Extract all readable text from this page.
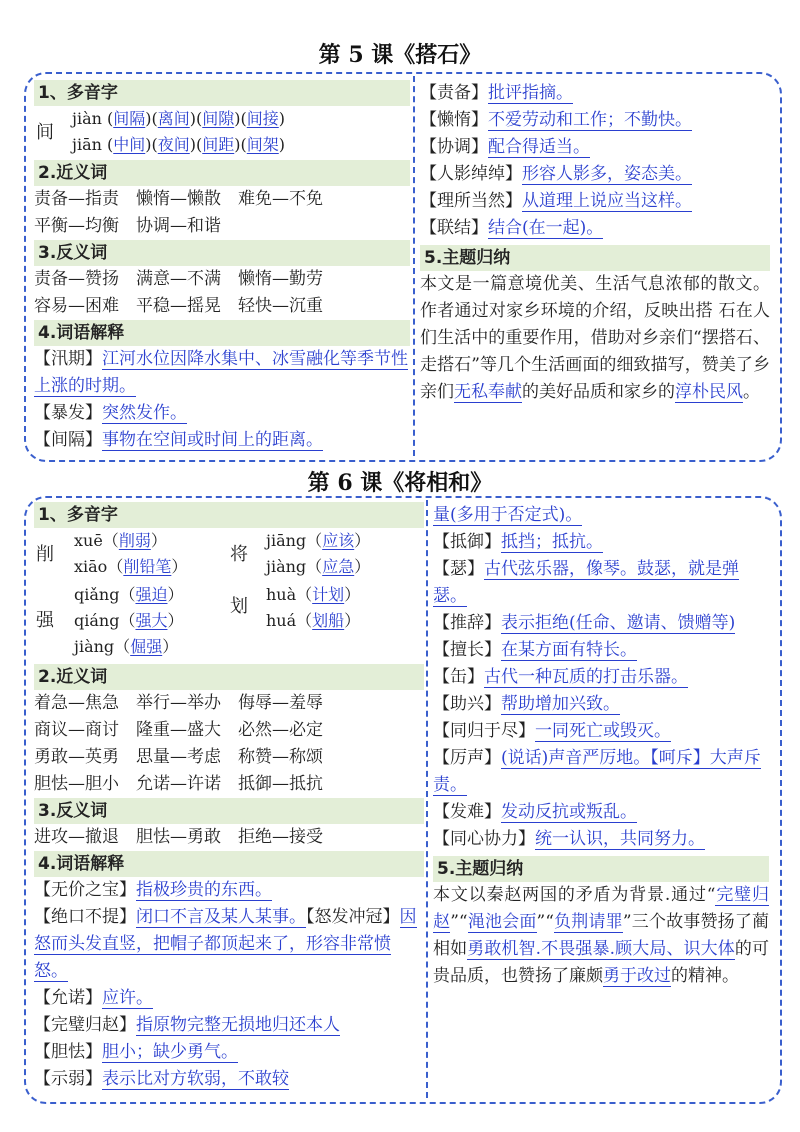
第 5 课《搭石》
1、多音字
间
jiàn (间隔)(离间)(间隙)(间接)
jiān (中间)(夜间)(间距)(间架)
2.近义词
责备—指责　懒惰—懒散　难免—不免
平衡—均衡　协调—和谐
3.反义词
责备—赞扬　满意—不满　懒惰—勤劳
容易—困难　平稳—摇晃　轻快—沉重
4.词语解释
【汛期】江河水位因降水集中、冰雪融化等季节性上涨的时期。
【暴发】突然发作。
【间隔】事物在空间或时间上的距离。
【责备】批评指摘。
【懒惰】不爱劳动和工作；不勤快。
【协调】配合得适当。
【人影绰绰】形容人影多，姿态美。
【理所当然】从道理上说应当这样。
【联结】结合(在一起)。
5.主题归纳
本文是一篇意境优美、生活气息浓郁的散文。作者通过对家乡环境的介绍，反映出搭 石在人们生活中的重要作用，借助对乡亲们“摆搭石、走搭石”等几个生活画面的细致描写，赞美了乡亲们无私奉献的美好品质和家乡的淳朴民风。
第 6 课《将相和》
1、多音字
削
xuē（削弱）
xiāo（削铅笔）
将
jiāng（应该）
jiàng（应急）
强
qiǎng（强迫）
qiáng（强大）
jiàng（倔强）
划
huà（计划）
huá（划船）
2.近义词
着急—焦急　举行—举办　侮辱—羞辱
商议—商讨　隆重—盛大　必然—必定
勇敢—英勇　思量—考虑　称赞—称颂
胆怯—胆小　允诺—许诺　抵御—抵抗
3.反义词
进攻—撤退　胆怯—勇敢　拒绝—接受
4.词语解释
【无价之宝】指极珍贵的东西。
【绝口不提】闭口不言及某人某事。【怒发冲冠】因怒而头发直竖，把帽子都顶起来了，形容非常愤怒。
【允诺】应许。
【完璧归赵】指原物完整无损地归还本人
【胆怯】胆小；缺少勇气。
【示弱】表示比对方软弱，不敢较
量(多用于否定式)。
【抵御】抵挡；抵抗。
【瑟】古代弦乐器，像琴。鼓瑟，就是弹瑟。
【推辞】表示拒绝(任命、邀请、馈赠等)
【擅长】在某方面有特长。
【缶】古代一种瓦质的打击乐器。
【助兴】帮助增加兴致。
【同归于尽】一同死亡或毁灭。
【厉声】(说话)声音严厉地。【呵斥】大声斥责。
【发难】发动反抗或叛乱。
【同心协力】统一认识，共同努力。
5.主题归纳
本文以秦赵两国的矛盾为背景.通过“完璧归赵”“渑池会面”“负荆请罪”三个故事赞扬了蔺相如勇敢机智.不畏强暴.顾大局、识大体的可贵品质，也赞扬了廉颇勇于改过的精神。
